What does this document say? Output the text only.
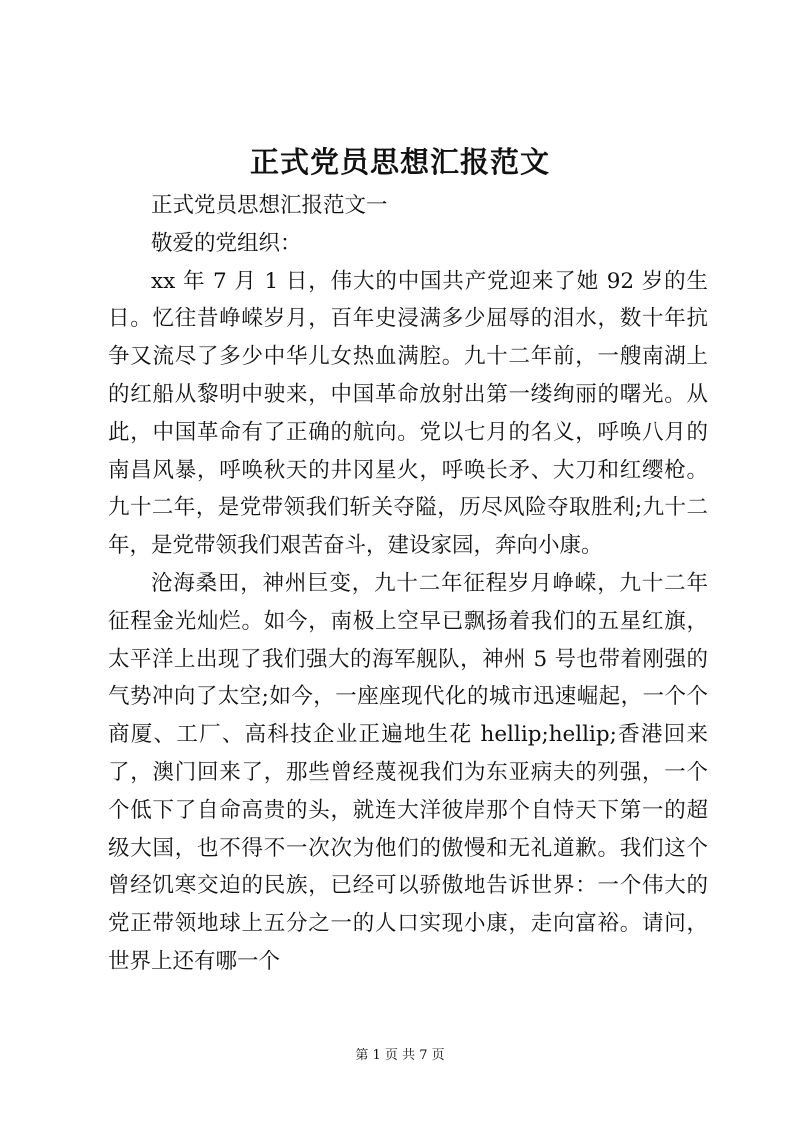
正式党员思想汇报范文

正式党员思想汇报范文一

敬爱的党组织：

xx 年 7 月 1 日，伟大的中国共产党迎来了她 92 岁的生日。忆往昔峥嵘岁月，百年史浸满多少屈辱的泪水，数十年抗争又流尽了多少中华儿女热血满腔。九十二年前，一艘南湖上的红船从黎明中驶来，中国革命放射出第一缕绚丽的曙光。从此，中国革命有了正确的航向。党以七月的名义，呼唤八月的南昌风暴，呼唤秋天的井冈星火，呼唤长矛、大刀和红缨枪。九十二年，是党带领我们斩关夺隘，历尽风险夺取胜利;九十二年，是党带领我们艰苦奋斗，建设家园，奔向小康。

沧海桑田，神州巨变，九十二年征程岁月峥嵘，九十二年征程金光灿烂。如今，南极上空早已飘扬着我们的五星红旗，太平洋上出现了我们强大的海军舰队，神州 5 号也带着刚强的气势冲向了太空;如今，一座座现代化的城市迅速崛起，一个个商厦、工厂、高科技企业正遍地生花 hellip;hellip;香港回来了，澳门回来了，那些曾经蔑视我们为东亚病夫的列强，一个个低下了自命高贵的头，就连大洋彼岸那个自恃天下第一的超级大国，也不得不一次次为他们的傲慢和无礼道歉。我们这个曾经饥寒交迫的民族，已经可以骄傲地告诉世界：一个伟大的党正带领地球上五分之一的人口实现小康，走向富裕。请问，世界上还有哪一个

第 1 页 共 7 页
